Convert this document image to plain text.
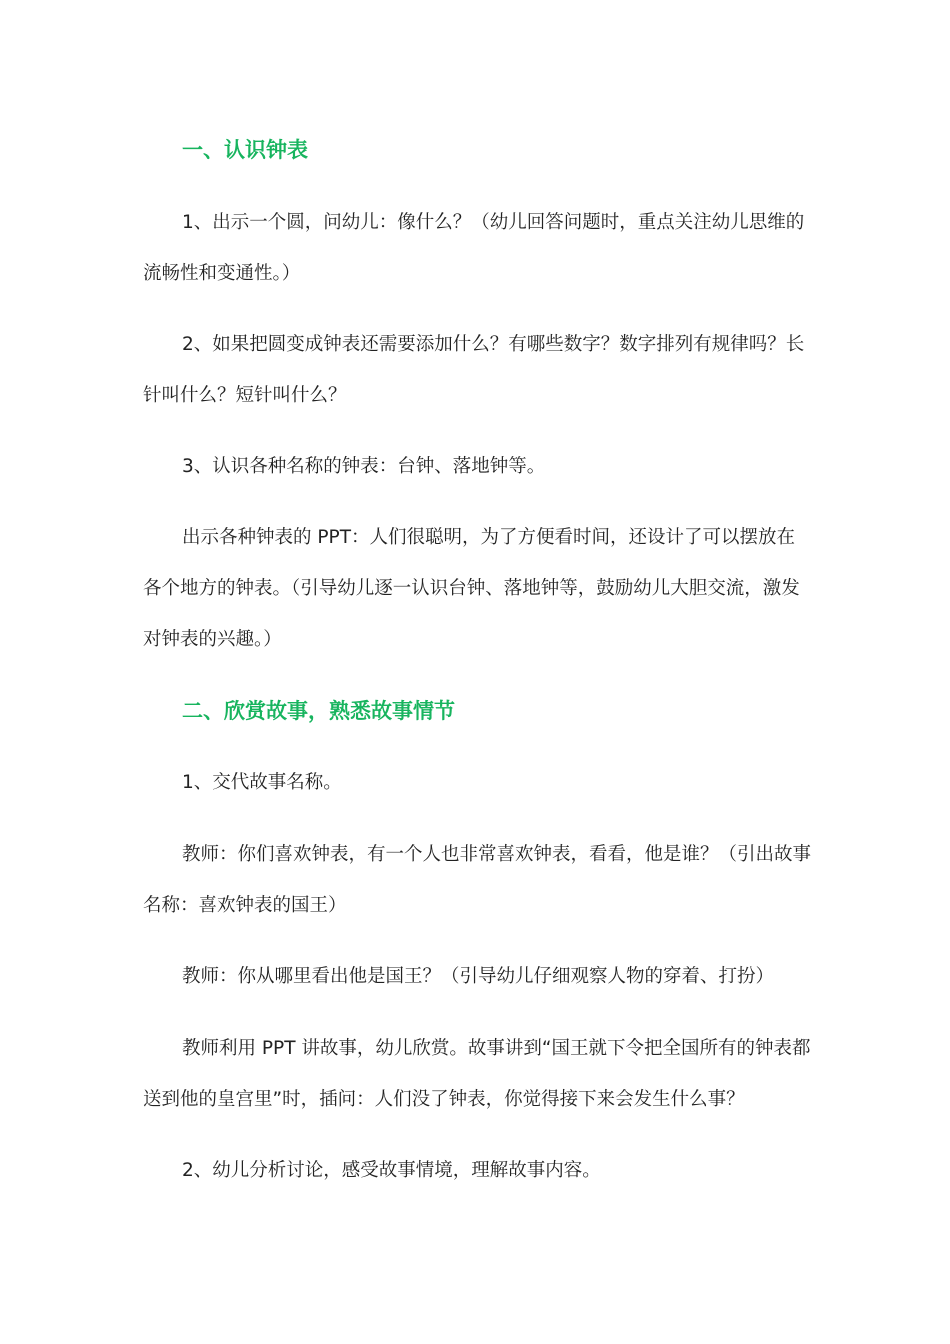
一、认识钟表

1、出示一个圆，问幼儿：像什么？（幼儿回答问题时，重点关注幼儿思维的流畅性和变通性。）

2、如果把圆变成钟表还需要添加什么？有哪些数字？数字排列有规律吗？长针叫什么？短针叫什么？

3、认识各种名称的钟表：台钟、落地钟等。

出示各种钟表的 PPT：人们很聪明，为了方便看时间，还设计了可以摆放在各个地方的钟表。（引导幼儿逐一认识台钟、落地钟等，鼓励幼儿大胆交流，激发对钟表的兴趣。）

二、欣赏故事，熟悉故事情节

1、交代故事名称。

教师：你们喜欢钟表，有一个人也非常喜欢钟表，看看，他是谁？（引出故事名称：喜欢钟表的国王）

教师：你从哪里看出他是国王？（引导幼儿仔细观察人物的穿着、打扮）

教师利用 PPT 讲故事，幼儿欣赏。故事讲到“国王就下令把全国所有的钟表都送到他的皇宫里”时，插问：人们没了钟表，你觉得接下来会发生什么事？

2、幼儿分析讨论，感受故事情境，理解故事内容。
